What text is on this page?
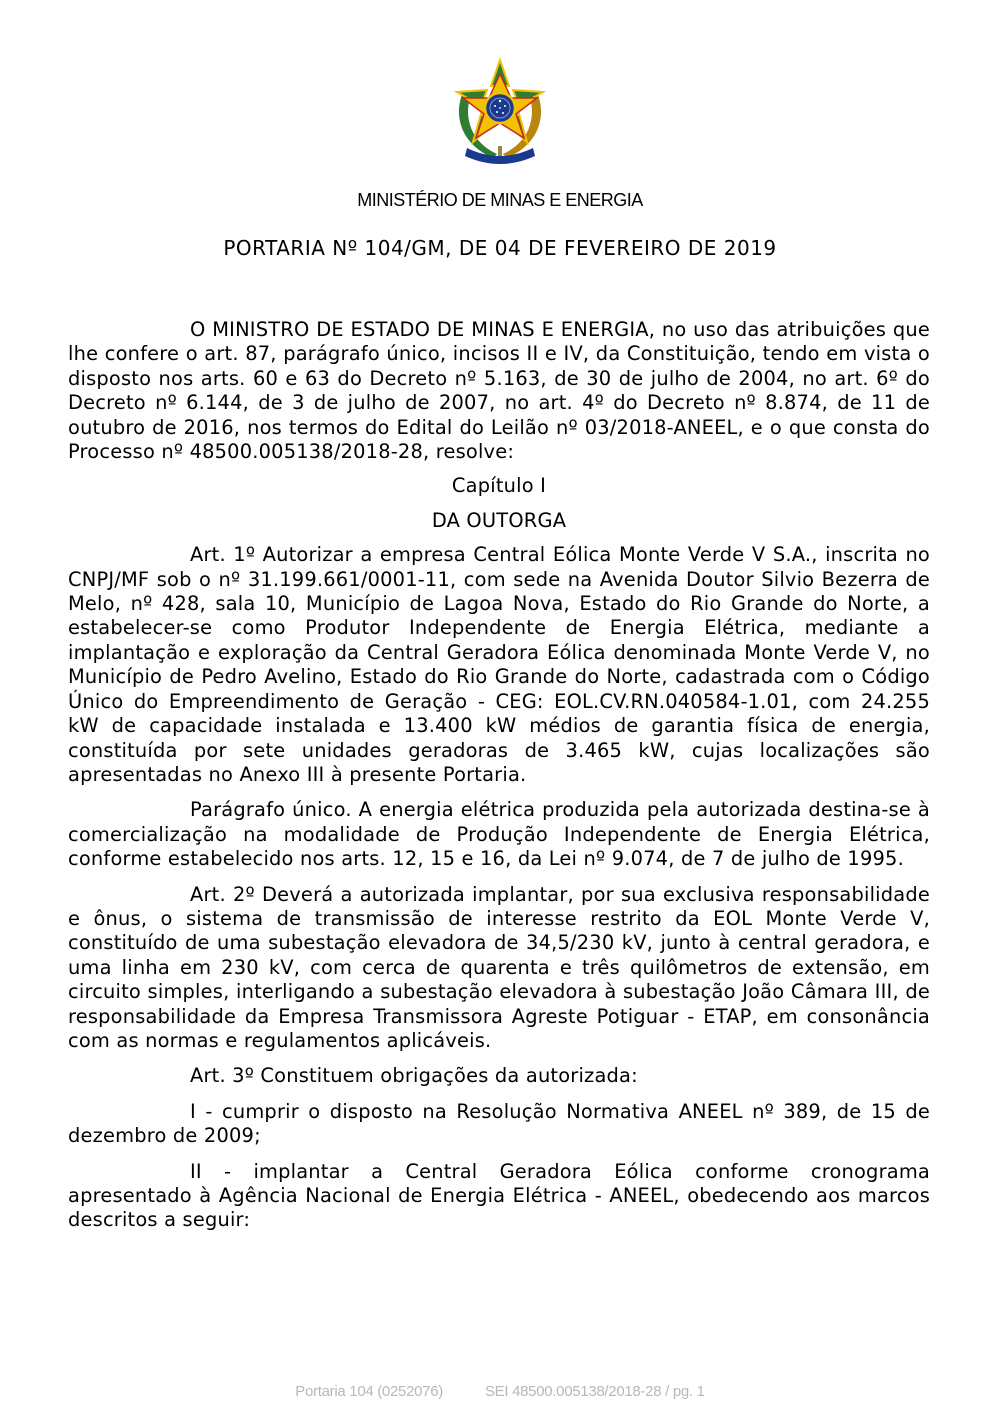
MINISTÉRIO DE MINAS E ENERGIA
PORTARIA Nº 104/GM, DE 04 DE FEVEREIRO DE 2019

O MINISTRO DE ESTADO DE MINAS E ENERGIA, no uso das atribuições que lhe confere o art. 87, parágrafo único, incisos II e IV, da Constituição, tendo em vista o disposto nos arts. 60 e 63 do Decreto nº 5.163, de 30 de julho de 2004, no art. 6º do Decreto nº 6.144, de 3 de julho de 2007, no art. 4º do Decreto nº 8.874, de 11 de outubro de 2016, nos termos do Edital do Leilão nº 03/2018-ANEEL, e o que consta do Processo nº 48500.005138/2018-28, resolve:

Capítulo I

DA OUTORGA

Art. 1º Autorizar a empresa Central Eólica Monte Verde V S.A., inscrita no CNPJ/MF sob o nº 31.199.661/0001-11, com sede na Avenida Doutor Silvio Bezerra de Melo, nº 428, sala 10, Município de Lagoa Nova, Estado do Rio Grande do Norte, a estabelecer-se como Produtor Independente de Energia Elétrica, mediante a implantação e exploração da Central Geradora Eólica denominada Monte Verde V, no Município de Pedro Avelino, Estado do Rio Grande do Norte, cadastrada com o Código Único do Empreendimento de Geração - CEG: EOL.CV.RN.040584-1.01, com 24.255 kW de capacidade instalada e 13.400 kW médios de garantia física de energia, constituída por sete unidades geradoras de 3.465 kW, cujas localizações são apresentadas no Anexo III à presente Portaria.

Parágrafo único. A energia elétrica produzida pela autorizada destina-se à comercialização na modalidade de Produção Independente de Energia Elétrica, conforme estabelecido nos arts. 12, 15 e 16, da Lei nº 9.074, de 7 de julho de 1995.

Art. 2º Deverá a autorizada implantar, por sua exclusiva responsabilidade e ônus, o sistema de transmissão de interesse restrito da EOL Monte Verde V, constituído de uma subestação elevadora de 34,5/230 kV, junto à central geradora, e uma linha em 230 kV, com cerca de quarenta e três quilômetros de extensão, em circuito simples, interligando a subestação elevadora à subestação João Câmara III, de responsabilidade da Empresa Transmissora Agreste Potiguar - ETAP, em consonância com as normas e regulamentos aplicáveis.

Art. 3º Constituem obrigações da autorizada:

I - cumprir o disposto na Resolução Normativa ANEEL nº 389, de 15 de dezembro de 2009;

II - implantar a Central Geradora Eólica conforme cronograma apresentado à Agência Nacional de Energia Elétrica - ANEEL, obedecendo aos marcos descritos a seguir:

Portaria 104 (0252076)	SEI 48500.005138/2018-28 / pg. 1
